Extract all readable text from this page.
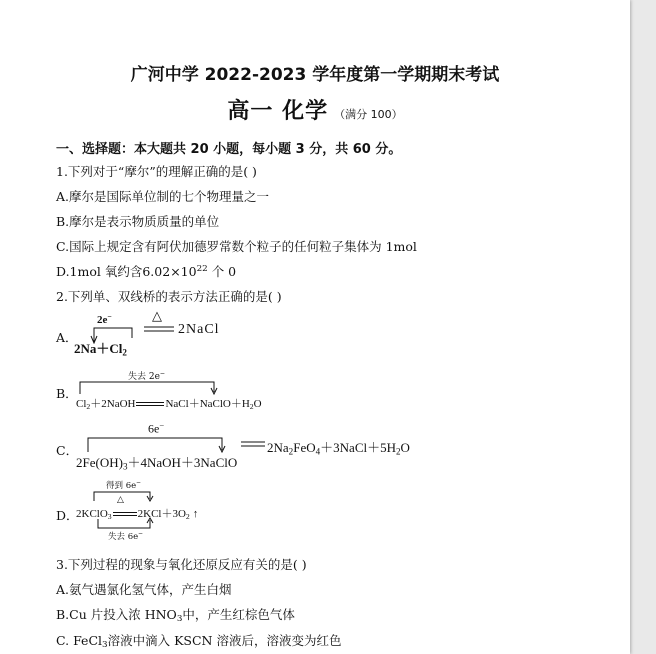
广河中学 2022-2023 学年度第一学期期末考试
高一 化学 （满分 100）
一、选择题：本大题共 20 小题，每小题 3 分，共 60 分。
1.下列对于“摩尔”的理解正确的是( )
A.摩尔是国际单位制的七个物理量之一
B.摩尔是表示物质质量的单位
C.国际上规定含有阿伏加德罗常数个粒子的任何粒子集体为 1mol
D.1mol 氧约含$6.02\times 10^{22}$ 个 0
2.下列单、双线桥的表示方法正确的是( )
A．
2e−
$2Na+Cl_2$
△
2NaCl
B．
失去 2e−
$Cl_2+2NaOH$	$NaCl+NaClO+H_2O$
C．
6e−
$2Fe(OH)_3+4NaOH+3NaClO$
$2Na_2FeO_4+3NaCl+5H_2O$
D．
得到 6e−
△
2KClO$_3$ $2KCl+3O_2$ ↑
失去 6e−
3.下列过程的现象与氧化还原反应有关的是( )
A.氨气遇氯化氢气体，产生白烟
B.Cu 片投入浓 $HNO_3$中，产生红棕色气体
C. FeCl$_3$溶液中滴入 KSCN 溶液后，溶液变为红色
